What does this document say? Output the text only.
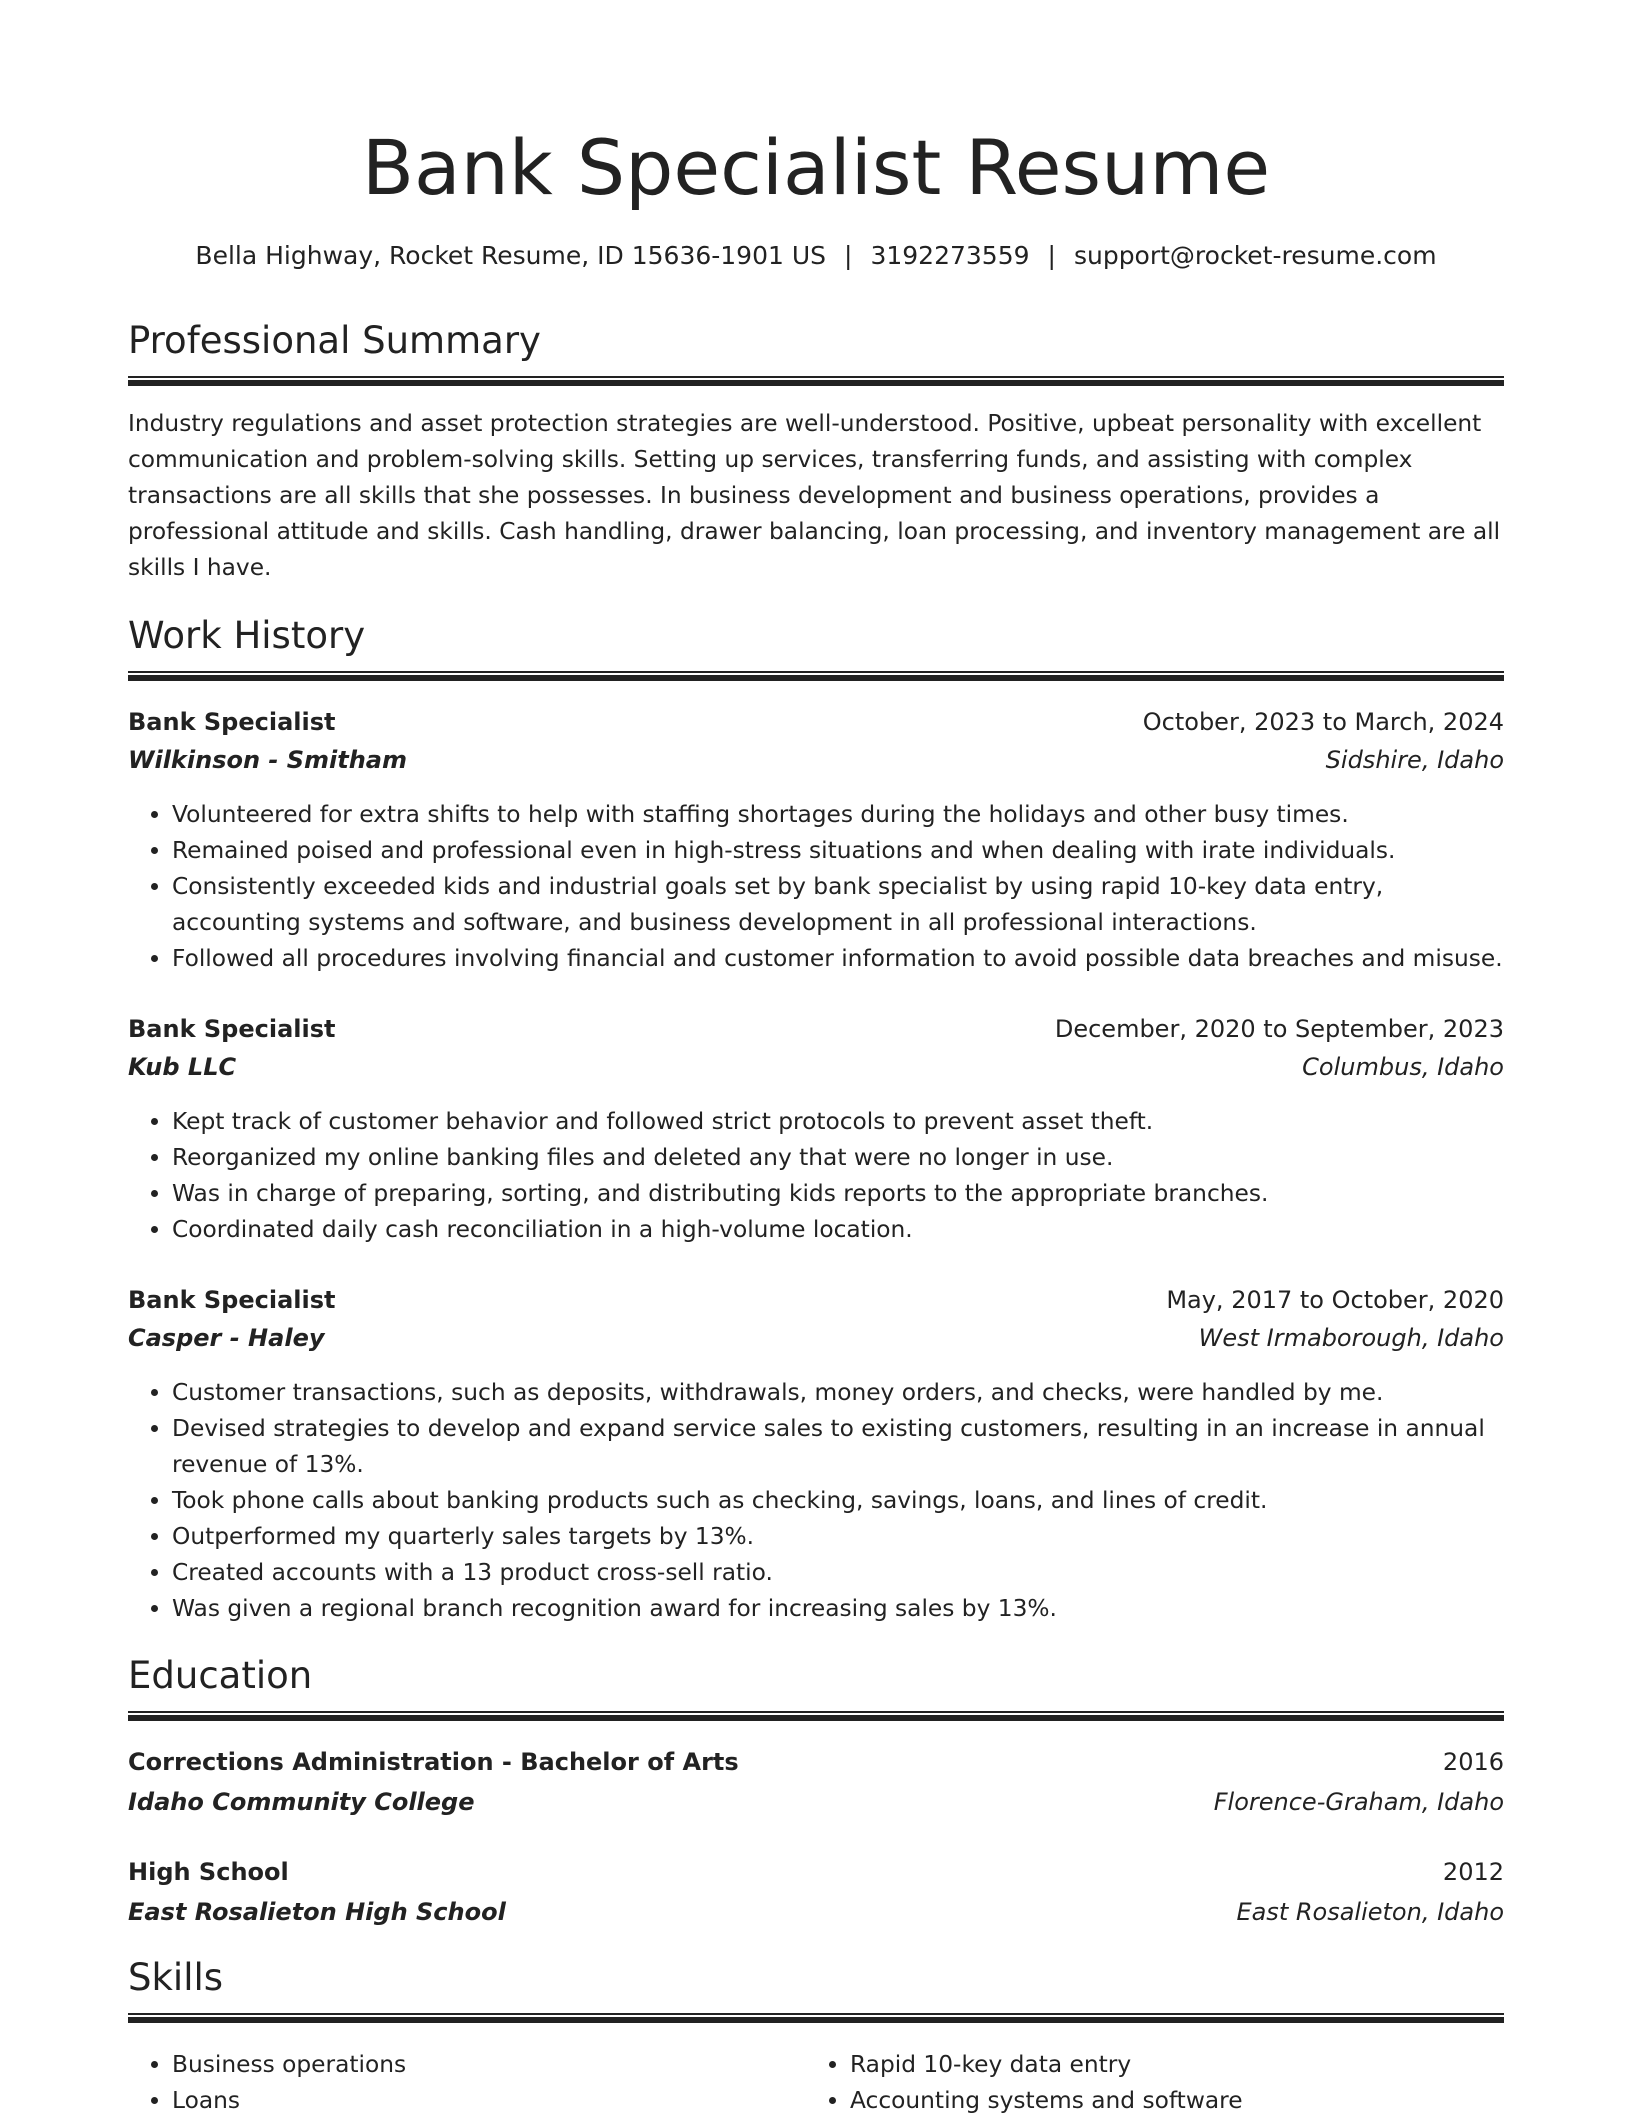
Bank Specialist Resume
Bella Highway, Rocket Resume, ID 15636-1901 US | 3192273559 | support@rocket-resume.com
Professional Summary

Industry regulations and asset protection strategies are well-understood. Positive, upbeat personality with excellent communication and problem-solving skills. Setting up services, transferring funds, and assisting with complex transactions are all skills that she possesses. In business development and business operations, provides a professional attitude and skills. Cash handling, drawer balancing, loan processing, and inventory management are all skills I have.

Work History
Bank Specialist	October, 2023 to March, 2024
Wilkinson - Smitham	Sidshire, Idaho
• Volunteered for extra shifts to help with staffing shortages during the holidays and other busy times.
• Remained poised and professional even in high-stress situations and when dealing with irate individuals.
• Consistently exceeded kids and industrial goals set by bank specialist by using rapid 10-key data entry, accounting systems and software, and business development in all professional interactions.
• Followed all procedures involving financial and customer information to avoid possible data breaches and misuse.
Bank Specialist	December, 2020 to September, 2023
Kub LLC	Columbus, Idaho
• Kept track of customer behavior and followed strict protocols to prevent asset theft.
• Reorganized my online banking files and deleted any that were no longer in use.
• Was in charge of preparing, sorting, and distributing kids reports to the appropriate branches.
• Coordinated daily cash reconciliation in a high-volume location.
Bank Specialist	May, 2017 to October, 2020
Casper - Haley	West Irmaborough, Idaho
• Customer transactions, such as deposits, withdrawals, money orders, and checks, were handled by me.
• Devised strategies to develop and expand service sales to existing customers, resulting in an increase in annual revenue of 13%.
• Took phone calls about banking products such as checking, savings, loans, and lines of credit.
• Outperformed my quarterly sales targets by 13%.
• Created accounts with a 13 product cross-sell ratio.
• Was given a regional branch recognition award for increasing sales by 13%.
Education
Corrections Administration - Bachelor of Arts	2016
Idaho Community College	Florence-Graham, Idaho
High School	2012
East Rosalieton High School	East Rosalieton, Idaho
Skills
• Business operations
• Loans
• Rapid 10-key data entry
• Accounting systems and software
